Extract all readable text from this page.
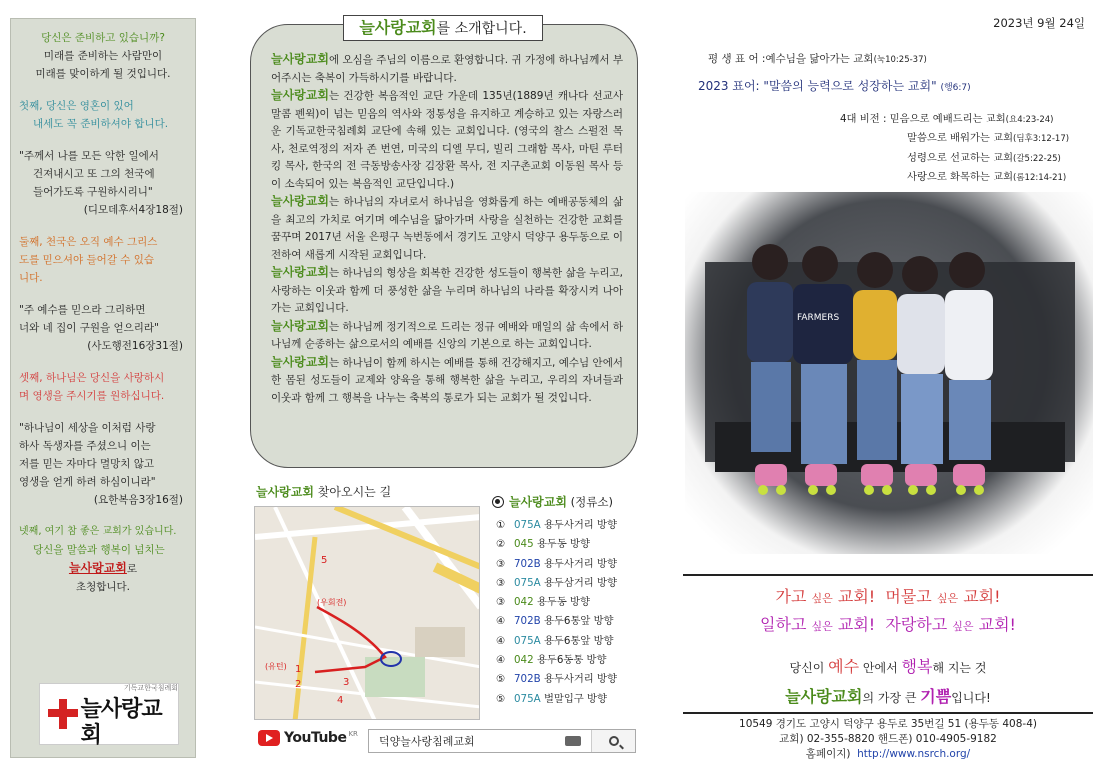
당신은 준비하고 있습니까?
미래를 준비하는 사람만이
미래를 맞이하게 될 것입니다.
첫째, 당신은 영혼이 있어
내세도 꼭 준비하셔야 합니다.
"주께서 나를 모든 악한 일에서
건져내시고 또 그의 천국에
들어가도록 구원하시리니"
(디모데후서4장18절)
둘째, 천국은 오직 예수 그리스
도를 믿으셔야 들어갈 수 있습
니다.
"주 예수를 믿으라 그리하면
너와 네 집이 구원을 얻으리라"
(사도행전16장31절)
셋째, 하나님은 당신을 사랑하시
며 영생을 주시기를 원하십니다.
"하나님이 세상을 이처럼 사랑
하사 독생자를 주셨으니 이는
저를 믿는 자마다 멸망치 않고
영생을 얻게 하려 하심이니라"
(요한복음3장16절)
넷째, 여기 참 좋은 교회가 있습니다.
당신을 말씀과 행복이 넘치는
늘사랑교회로
초청합니다.
기독교한국침례회
늘사랑교회
늘사랑교회를 소개합니다.

늘사랑교회에 오심을 주님의 이름으로 환영합니다. 귀 가정에 하나님께서 부어주시는 축복이 가득하시기를 바랍니다.

늘사랑교회는 건강한 복음적인 교단 가운데 135년(1889년 캐나다 선교사 말콤 펜윅)이 넘는 믿음의 역사와 정통성을 유지하고 계승하고 있는 자랑스러운 기독교한국침례회 교단에 속해 있는 교회입니다. (영국의 찰스 스펄전 목사, 천로역정의 저자 존 번연, 미국의 디엘 무디, 빌리 그래함 목사, 마틴 루터 킹 목사, 한국의 전 극동방송사장 김장환 목사, 전 지구촌교회 이동원 목사 등이 소속되어 있는 복음적인 교단입니다.)

늘사랑교회는 하나님의 자녀로서 하나님을 영화롭게 하는 예배공동체의 삶을 최고의 가치로 여기며 예수님을 닮아가며 사랑을 실천하는 건강한 교회를 꿈꾸며 2017년 서울 은평구 녹번동에서 경기도 고양시 덕양구 용두동으로 이전하여 새롭게 시작된 교회입니다.

늘사랑교회는 하나님의 형상을 회복한 건강한 성도들이 행복한 삶을 누리고, 사랑하는 이웃과 함께 더 풍성한 삶을 누리며 하나님의 나라를 확장시켜 나아가는 교회입니다.

늘사랑교회는 하나님께 정기적으로 드리는 정규 예배와 매일의 삶 속에서 하나님께 순종하는 삶으로서의 예배를 신앙의 기본으로 하는 교회입니다.

늘사랑교회는 하나님이 함께 하시는 예배를 통해 건강해지고, 예수님 안에서 한 몸된 성도들이 교제와 양육을 통해 행복한 삶을 누리고, 우리의 자녀들과 이웃과 함께 그 행복을 나누는 축복의 통로가 되는 교회가 될 것입니다.

늘사랑교회 찾아오시는 길
5
1
2	3
4
(우회전)
(유턴)
YouTube KR
덕양늘사랑침례교회
늘사랑교회
(정류소)
① 075A 용두사거리 방향
② 045 용두동 방향
③ 702B 용두사거리 방향
③ 075A 용두삼거리 방향
③ 042 용두동 방향
④ 702B 용두6통앞 방향
④ 075A 용두6통앞 방향
④ 042 용두6동통 방향
⑤ 702B 용두사거리 방향
⑤ 075A 벌말입구 방향
2023년 9월 24일
평 생 표 어 :예수님을 닮아가는 교회(눅10:25-37)
2023 표어: "말씀의 능력으로 성장하는 교회" (행6:7)
4대 비전 : 믿음으로 예배드리는 교회(요4:23-24)
말씀으로 배워가는 교회(딤후3:12-17)
성령으로 선교하는 교회(갈5:22-25)
사랑으로 화목하는 교회(롬12:14-21)
FARMERS
가고 싶은 교회! 머물고 싶은 교회!
일하고 싶은 교회! 자랑하고 싶은 교회!
당신이 예수 안에서 행복해 지는 것
늘사랑교회의 가장 큰 기쁨입니다!
10549 경기도 고양시 덕양구 용두로 35번길 51 (용두동 408-4)
교회) 02-355-8820 핸드폰) 010-4905-9182
홈페이지) http://www.nsrch.org/
